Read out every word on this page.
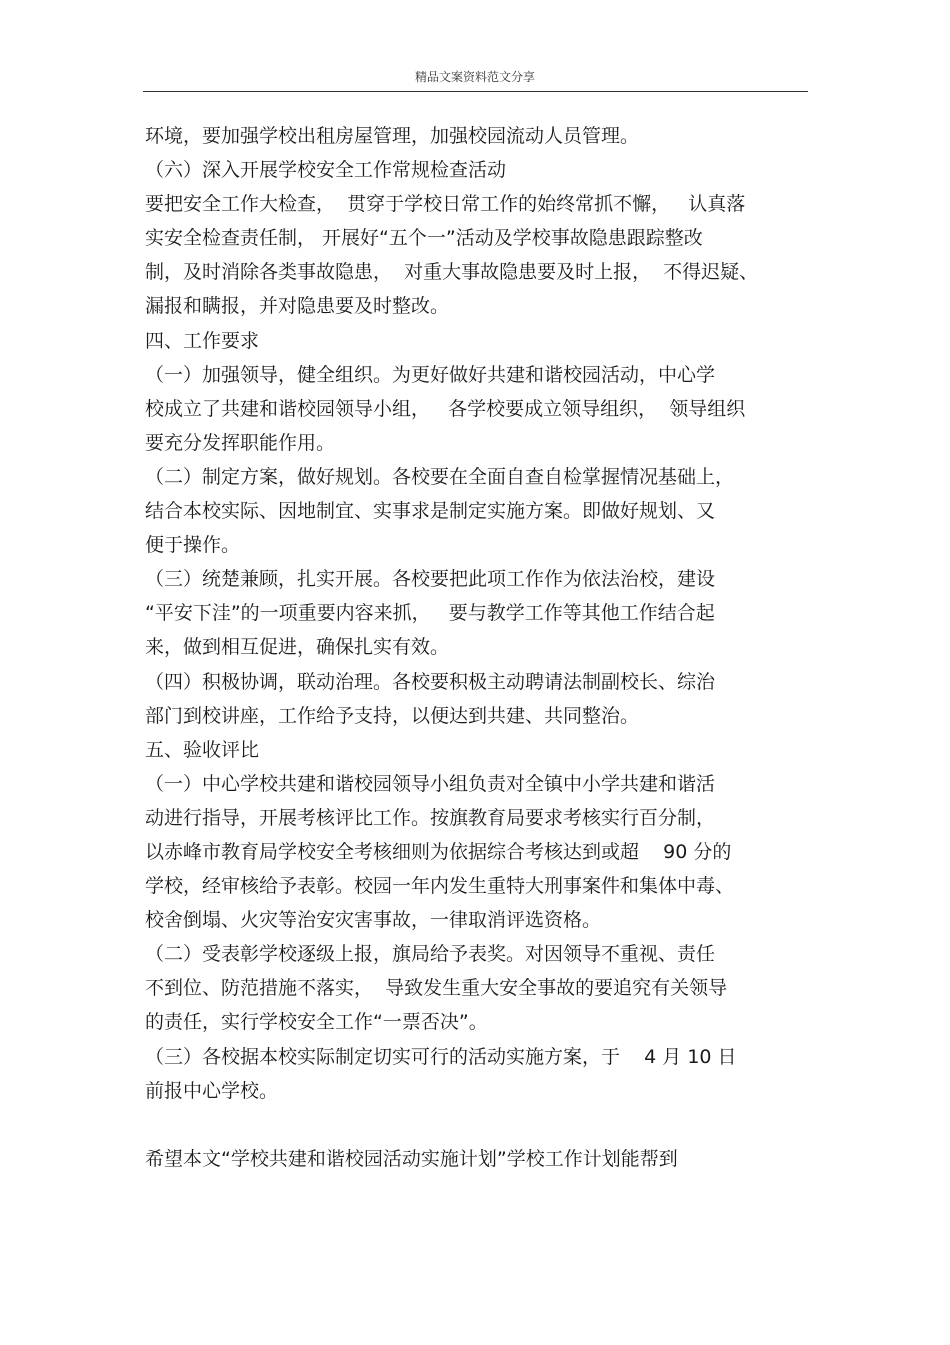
精品文案资料范文分享
环境，要加强学校出租房屋管理，加强校园流动人员管理。
（六）深入开展学校安全工作常规检查活动
要把安全工作大检查，  贯穿于学校日常工作的始终常抓不懈，   认真落
实安全检查责任制， 开展好“五个一”活动及学校事故隐患跟踪整改
制，及时消除各类事故隐患，  对重大事故隐患要及时上报，  不得迟疑、
漏报和瞒报，并对隐患要及时整改。
四、工作要求
（一）加强领导，健全组织。为更好做好共建和谐校园活动，中心学
校成立了共建和谐校园领导小组，   各学校要成立领导组织，  领导组织
要充分发挥职能作用。
（二）制定方案，做好规划。各校要在全面自查自检掌握情况基础上，
结合本校实际、因地制宜、实事求是制定实施方案。即做好规划、又
便于操作。
（三）统楚兼顾，扎实开展。各校要把此项工作作为依法治校，建设
“平安下洼”的一项重要内容来抓，   要与教学工作等其他工作结合起
来，做到相互促进，确保扎实有效。
（四）积极协调，联动治理。各校要积极主动聘请法制副校长、综治
部门到校讲座，工作给予支持，以便达到共建、共同整治。
五、验收评比
（一）中心学校共建和谐校园领导小组负责对全镇中小学共建和谐活
动进行指导，开展考核评比工作。按旗教育局要求考核实行百分制，
以赤峰市教育局学校安全考核细则为依据综合考核达到或超    90 分的
学校，经审核给予表彰。校园一年内发生重特大刑事案件和集体中毒、
校舍倒塌、火灾等治安灾害事故，一律取消评选资格。
（二）受表彰学校逐级上报，旗局给予表奖。对因领导不重视、责任
不到位、防范措施不落实，  导致发生重大安全事故的要追究有关领导
的责任，实行学校安全工作“一票否决”。
（三）各校据本校实际制定切实可行的活动实施方案，于    4 月 10 日
前报中心学校。
希望本文“学校共建和谐校园活动实施计划”学校工作计划能帮到
